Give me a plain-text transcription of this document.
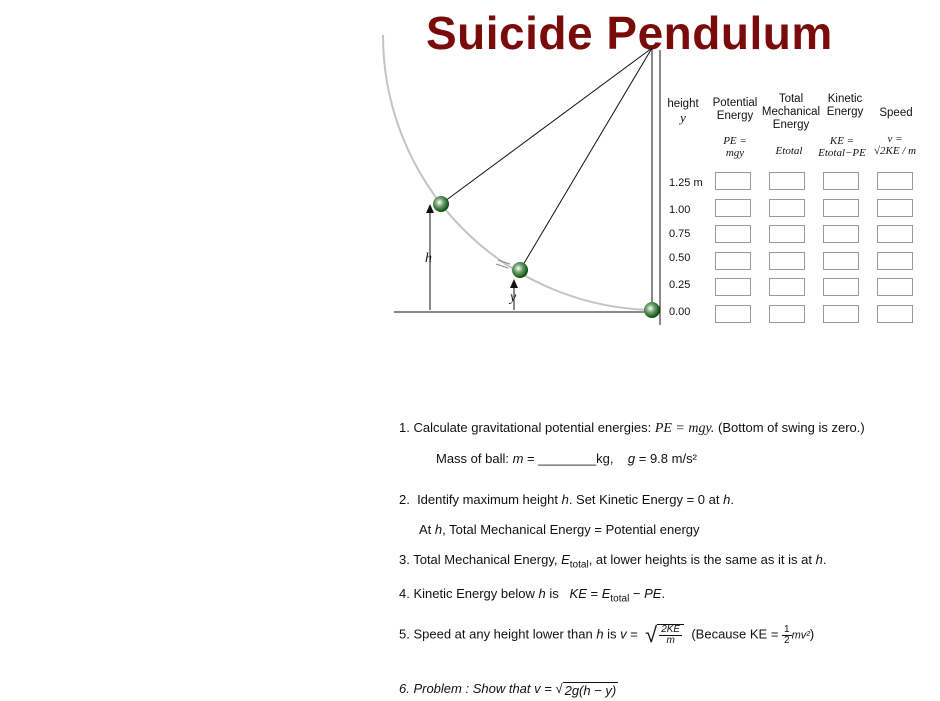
Suicide Pendulum
h
y
height
y
Potential
Energy
Total
Mechanical
Energy
Kinetic
Energy	Speed
PE =
mgy	Etotal
KE =
Etotal−PE
v =
√2KE / m
1.25 m
1.00
0.75
0.50
0.25
0.00
1. Calculate gravitational potential energies: PE = mgy. (Bottom of swing is zero.)
Mass of ball: m = ________kg,    g = 9.8 m/s²
2.  Identify maximum height h. Set Kinetic Energy = 0 at h.
At h, Total Mechanical Energy = Potential energy
3. Total Mechanical Energy, $E_{total}$, at lower heights is the same as it is at h.
4. Kinetic Energy below h is   KE = $E_{total}$ − PE.
5. Speed at any height lower than h is v =  √ $\frac{2KE}{m}$ (Because KE = $\frac{1}{2} mv^2$)
6. Problem : Show that v = √ 2g(h − y)
